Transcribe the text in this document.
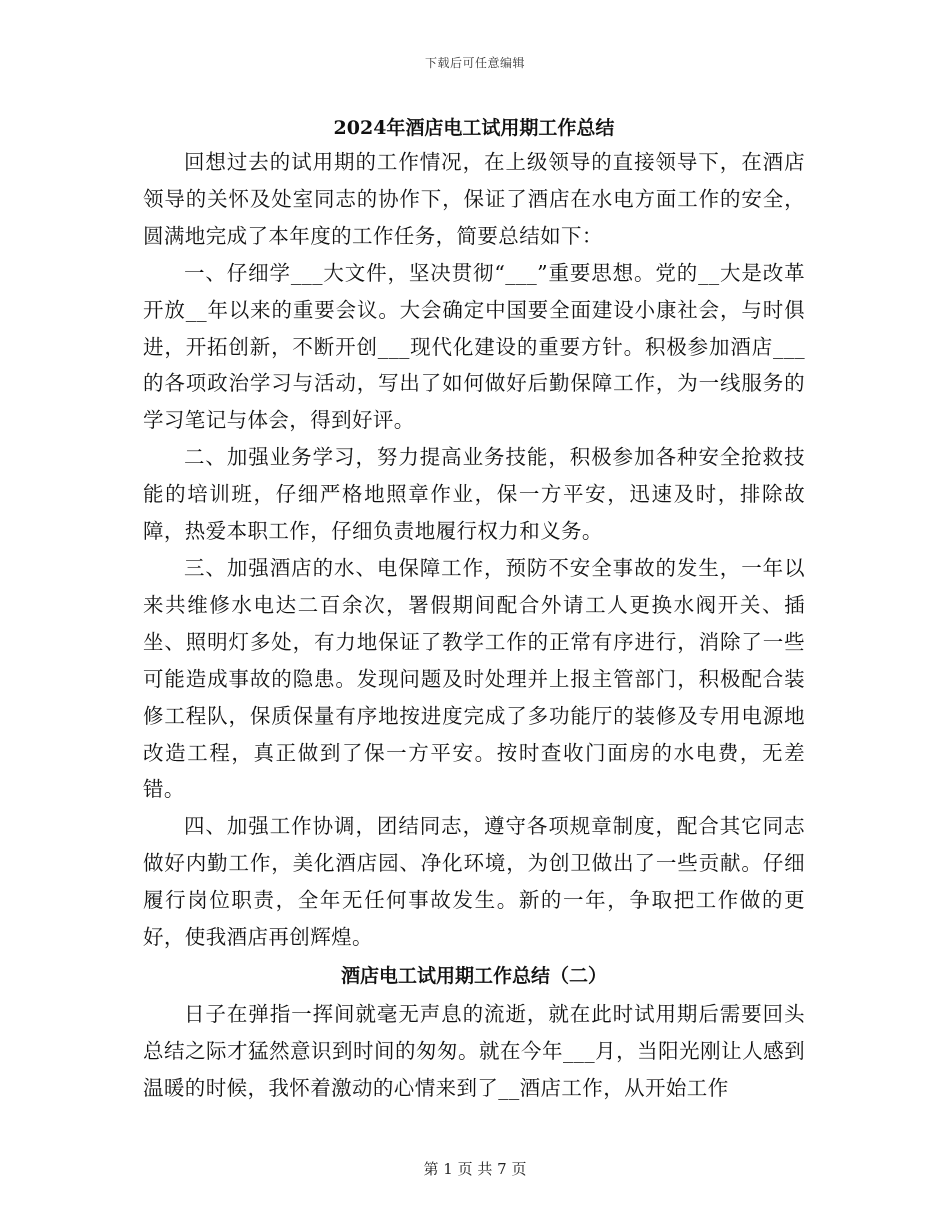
下载后可任意编辑
2024年酒店电工试用期工作总结

回想过去的试用期的工作情况，在上级领导的直接领导下，在酒店领导的关怀及处室同志的协作下，保证了酒店在水电方面工作的安全，圆满地完成了本年度的工作任务，简要总结如下：

一、仔细学___大文件，坚决贯彻“___”重要思想。党的__大是改革开放__年以来的重要会议。大会确定中国要全面建设小康社会，与时俱进，开拓创新，不断开创___现代化建设的重要方针。积极参加酒店___的各项政治学习与活动，写出了如何做好后勤保障工作，为一线服务的学习笔记与体会，得到好评。

二、加强业务学习，努力提高业务技能，积极参加各种安全抢救技能的培训班，仔细严格地照章作业，保一方平安，迅速及时，排除故障，热爱本职工作，仔细负责地履行权力和义务。

三、加强酒店的水、电保障工作，预防不安全事故的发生，一年以来共维修水电达二百余次，署假期间配合外请工人更换水阀开关、插坐、照明灯多处，有力地保证了教学工作的正常有序进行，消除了一些可能造成事故的隐患。发现问题及时处理并上报主管部门，积极配合装修工程队，保质保量有序地按进度完成了多功能厅的装修及专用电源地改造工程，真正做到了保一方平安。按时查收门面房的水电费，无差错。

四、加强工作协调，团结同志，遵守各项规章制度，配合其它同志做好内勤工作，美化酒店园、净化环境，为创卫做出了一些贡献。仔细履行岗位职责，全年无任何事故发生。新的一年，争取把工作做的更好，使我酒店再创辉煌。

酒店电工试用期工作总结（二）

日子在弹指一挥间就毫无声息的流逝，就在此时试用期后需要回头总结之际才猛然意识到时间的匆匆。就在今年___月，当阳光刚让人感到温暖的时候，我怀着激动的心情来到了__酒店工作，从开始工作

第 1 页 共 7 页
